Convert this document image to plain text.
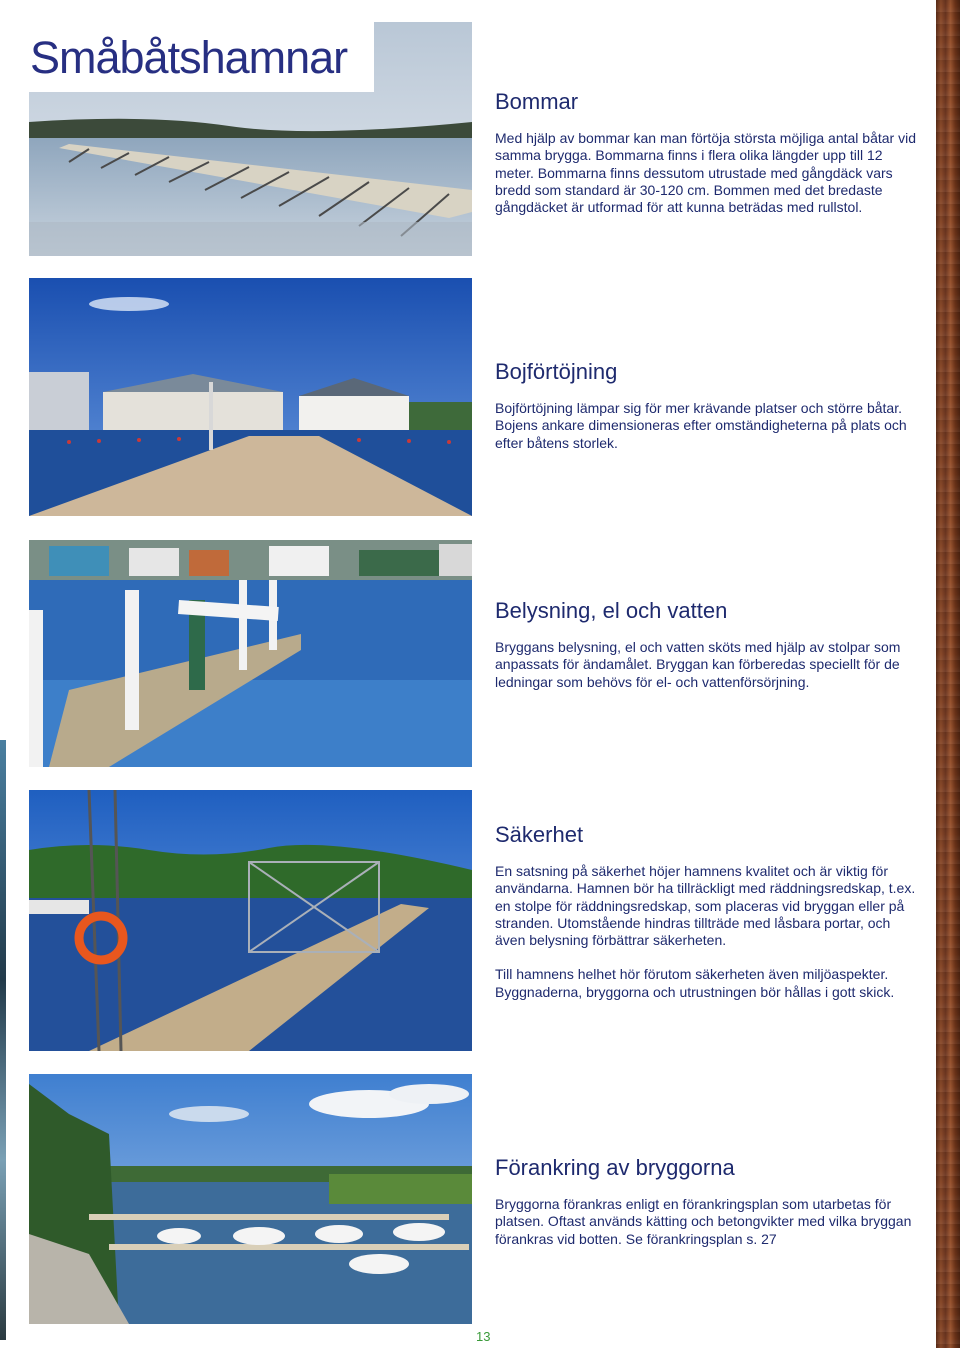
Småbåtshamnar
Bommar

Med hjälp av bommar kan man förtöja största möjliga antal båtar vid samma brygga. Bommarna finns i flera olika längder upp till 12 meter. Bommarna finns dessutom utrustade med gångdäck vars bredd som standard är 30-120 cm. Bommen med det bredaste gångdäcket är utformad för att kunna beträdas med rullstol.

Bojförtöjning

Bojförtöjning lämpar sig för mer krävande platser och större båtar. Bojens ankare dimensioneras efter omständigheterna på plats och efter båtens storlek.

Belysning, el och vatten

Bryggans belysning, el och vatten sköts med hjälp av stolpar som anpassats för ändamålet. Bryggan kan förberedas speciellt för de ledningar som behövs för el- och vattenförsörjning.

Säkerhet

En satsning på säkerhet höjer hamnens kvalitet och är viktig för användarna. Hamnen bör ha tillräckligt med räddningsredskap, t.ex. en stolpe för räddningsredskap, som placeras vid bryggan eller på stranden. Utomstående hindras tillträde med låsbara portar, och även belysning förbättrar säkerheten.

Till hamnens helhet hör förutom säkerheten även miljöaspekter. Byggnaderna, bryggorna och utrustningen bör hållas i gott skick.

Förankring av bryggorna

Bryggorna förankras enligt en förankringsplan som utarbetas för platsen. Oftast används kätting och betongvikter med vilka bryggan förankras vid botten. Se förankringsplan s. 27

13
